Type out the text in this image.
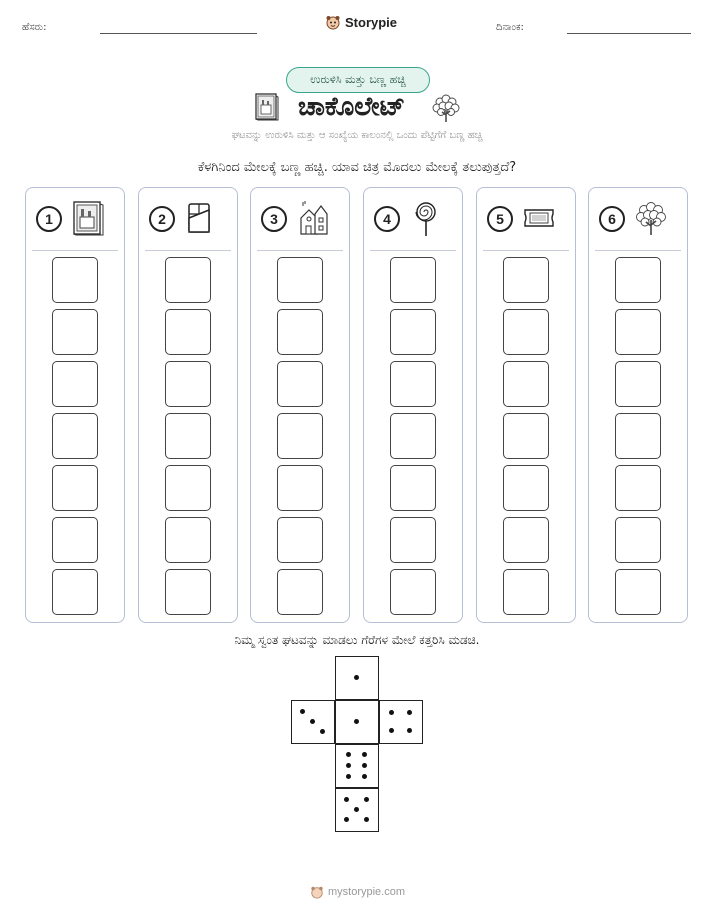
ಹೆಸರು:	Storypie	ದಿನಾಂಕ:
ಉರುಳಿಸಿ ಮತ್ತು ಬಣ್ಣ ಹಚ್ಚಿ
ಚಾಕೊಲೇಟ್
ಘಟವನ್ನು ಉರುಳಿಸಿ ಮತ್ತು ಆ ಸಂಖ್ಯೆಯ ಕಾಲಂನಲ್ಲಿ ಒಂದು ಪೆಟ್ಟಿಗೆಗೆ ಬಣ್ಣ ಹಚ್ಚಿ
ಕೆಳಗಿನಿಂದ ಮೇಲಕ್ಕೆ ಬಣ್ಣ ಹಚ್ಚಿ. ಯಾವ ಚಿತ್ರ ಮೊದಲು ಮೇಲಕ್ಕೆ ತಲುಪುತ್ತದೆ?
1	2	3	4	5	6
ನಿಮ್ಮ ಸ್ವಂತ ಘಟವನ್ನು ಮಾಡಲು ಗೆರೆಗಳ ಮೇಲೆ ಕತ್ತರಿಸಿ ಮಡಚಿ.
mystorypie.com
